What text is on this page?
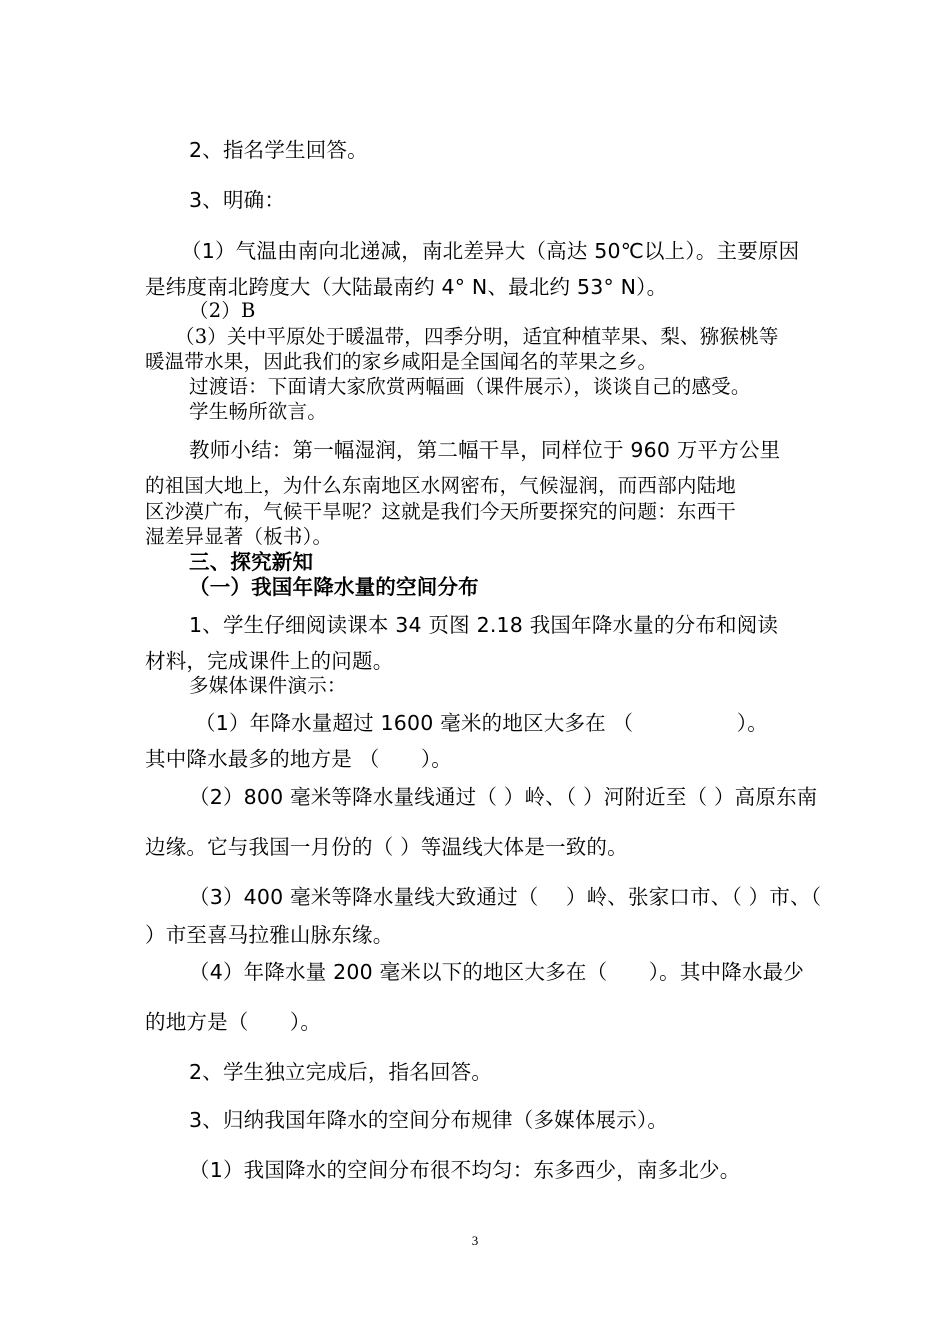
2、指名学生回答。
3、明确：
（1）气温由南向北递减，南北差异大（高达 50℃以上）。主要原因
是纬度南北跨度大（大陆最南约 4° N、最北约 53° N）。
（2）B
（3）关中平原处于暖温带，四季分明，适宜种植苹果、梨、猕猴桃等
暖温带水果，因此我们的家乡咸阳是全国闻名的苹果之乡。
过渡语：下面请大家欣赏两幅画（课件展示），谈谈自己的感受。
学生畅所欲言。
教师小结：第一幅湿润，第二幅干旱，同样位于 960 万平方公里
的祖国大地上，为什么东南地区水网密布，气候湿润，而西部内陆地
区沙漠广布，气候干旱呢？这就是我们今天所要探究的问题：东西干
湿差异显著（板书）。
三、探究新知
（一）我国年降水量的空间分布
1、学生仔细阅读课本 34 页图 2.18 我国年降水量的分布和阅读
材料，完成课件上的问题。
多媒体课件演示：
（1）年降水量超过 1600 毫米的地区大多在 （　　　　　）。
其中降水最多的地方是 （　　）。
（2）800 毫米等降水量线通过（ ）岭、（ ）河附近至（ ）高原东南
边缘。它与我国一月份的（ ）等温线大体是一致的。
（3）400 毫米等降水量线大致通过（　 ）岭、张家口市、（ ）市、（
）市至喜马拉雅山脉东缘。
（4）年降水量 200 毫米以下的地区大多在（　　）。其中降水最少
的地方是（　　）。
2、学生独立完成后，指名回答。
3、归纳我国年降水的空间分布规律（多媒体展示）。
（1）我国降水的空间分布很不均匀：东多西少，南多北少。
3
